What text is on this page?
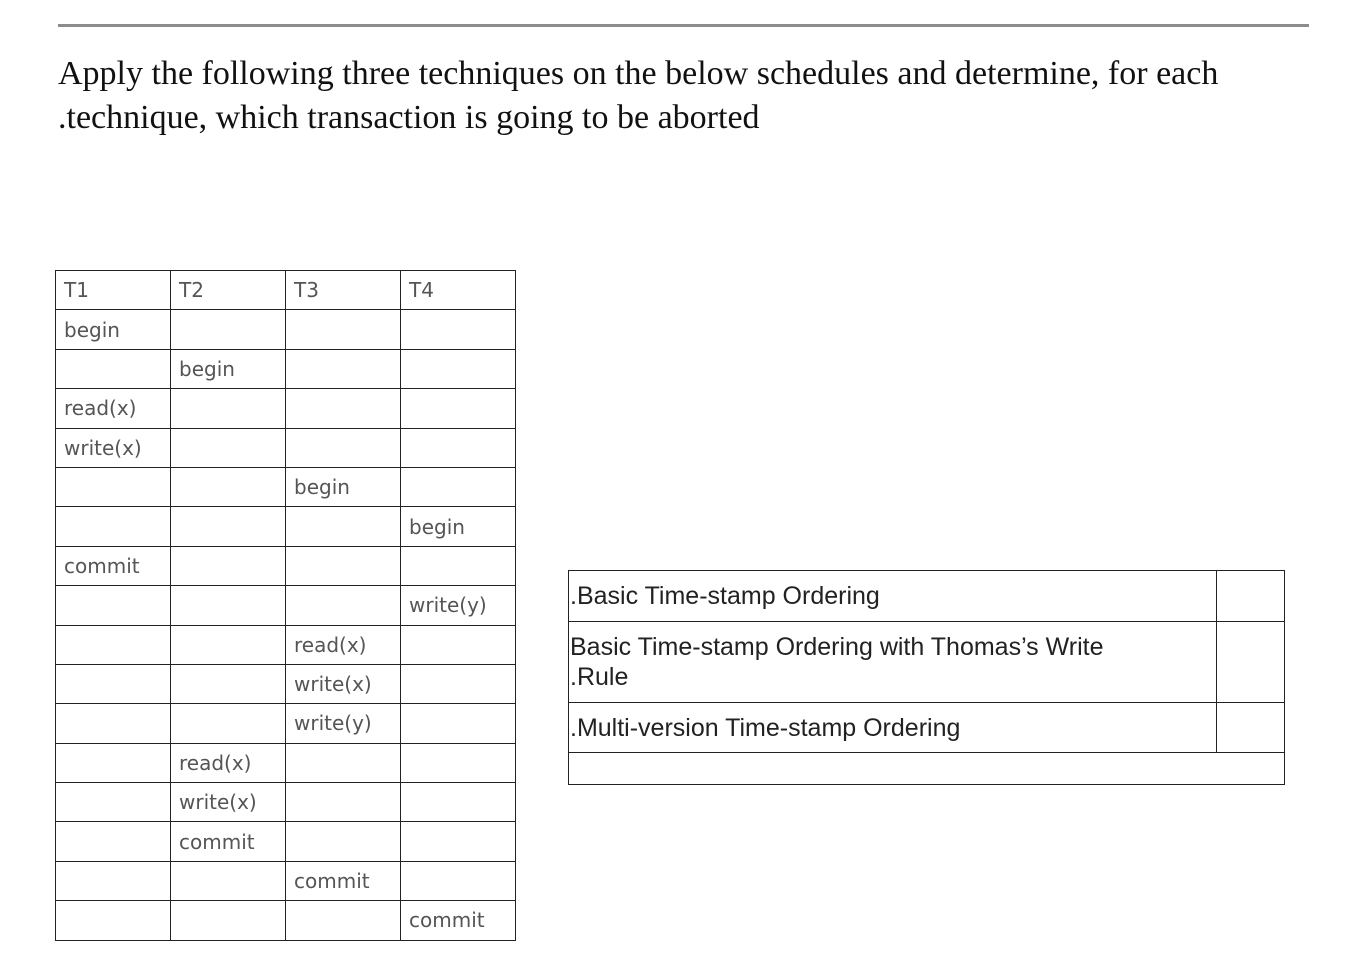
Apply the following three techniques on the below schedules and determine, for each
.technique, which transaction is going to be aborted
T1	T2	T3	T4
begin			
	begin		
read(x)			
write(x)			
		begin	
			begin
commit			
			write(y)
		read(x)	
		write(x)	
		write(y)	
	read(x)		
	write(x)		
	commit		
		commit	
			commit
.Basic Time-stamp Ordering	

Basic Time-stamp Ordering with Thomas’s Write
.Rule	

.Multi-version Time-stamp Ordering	
